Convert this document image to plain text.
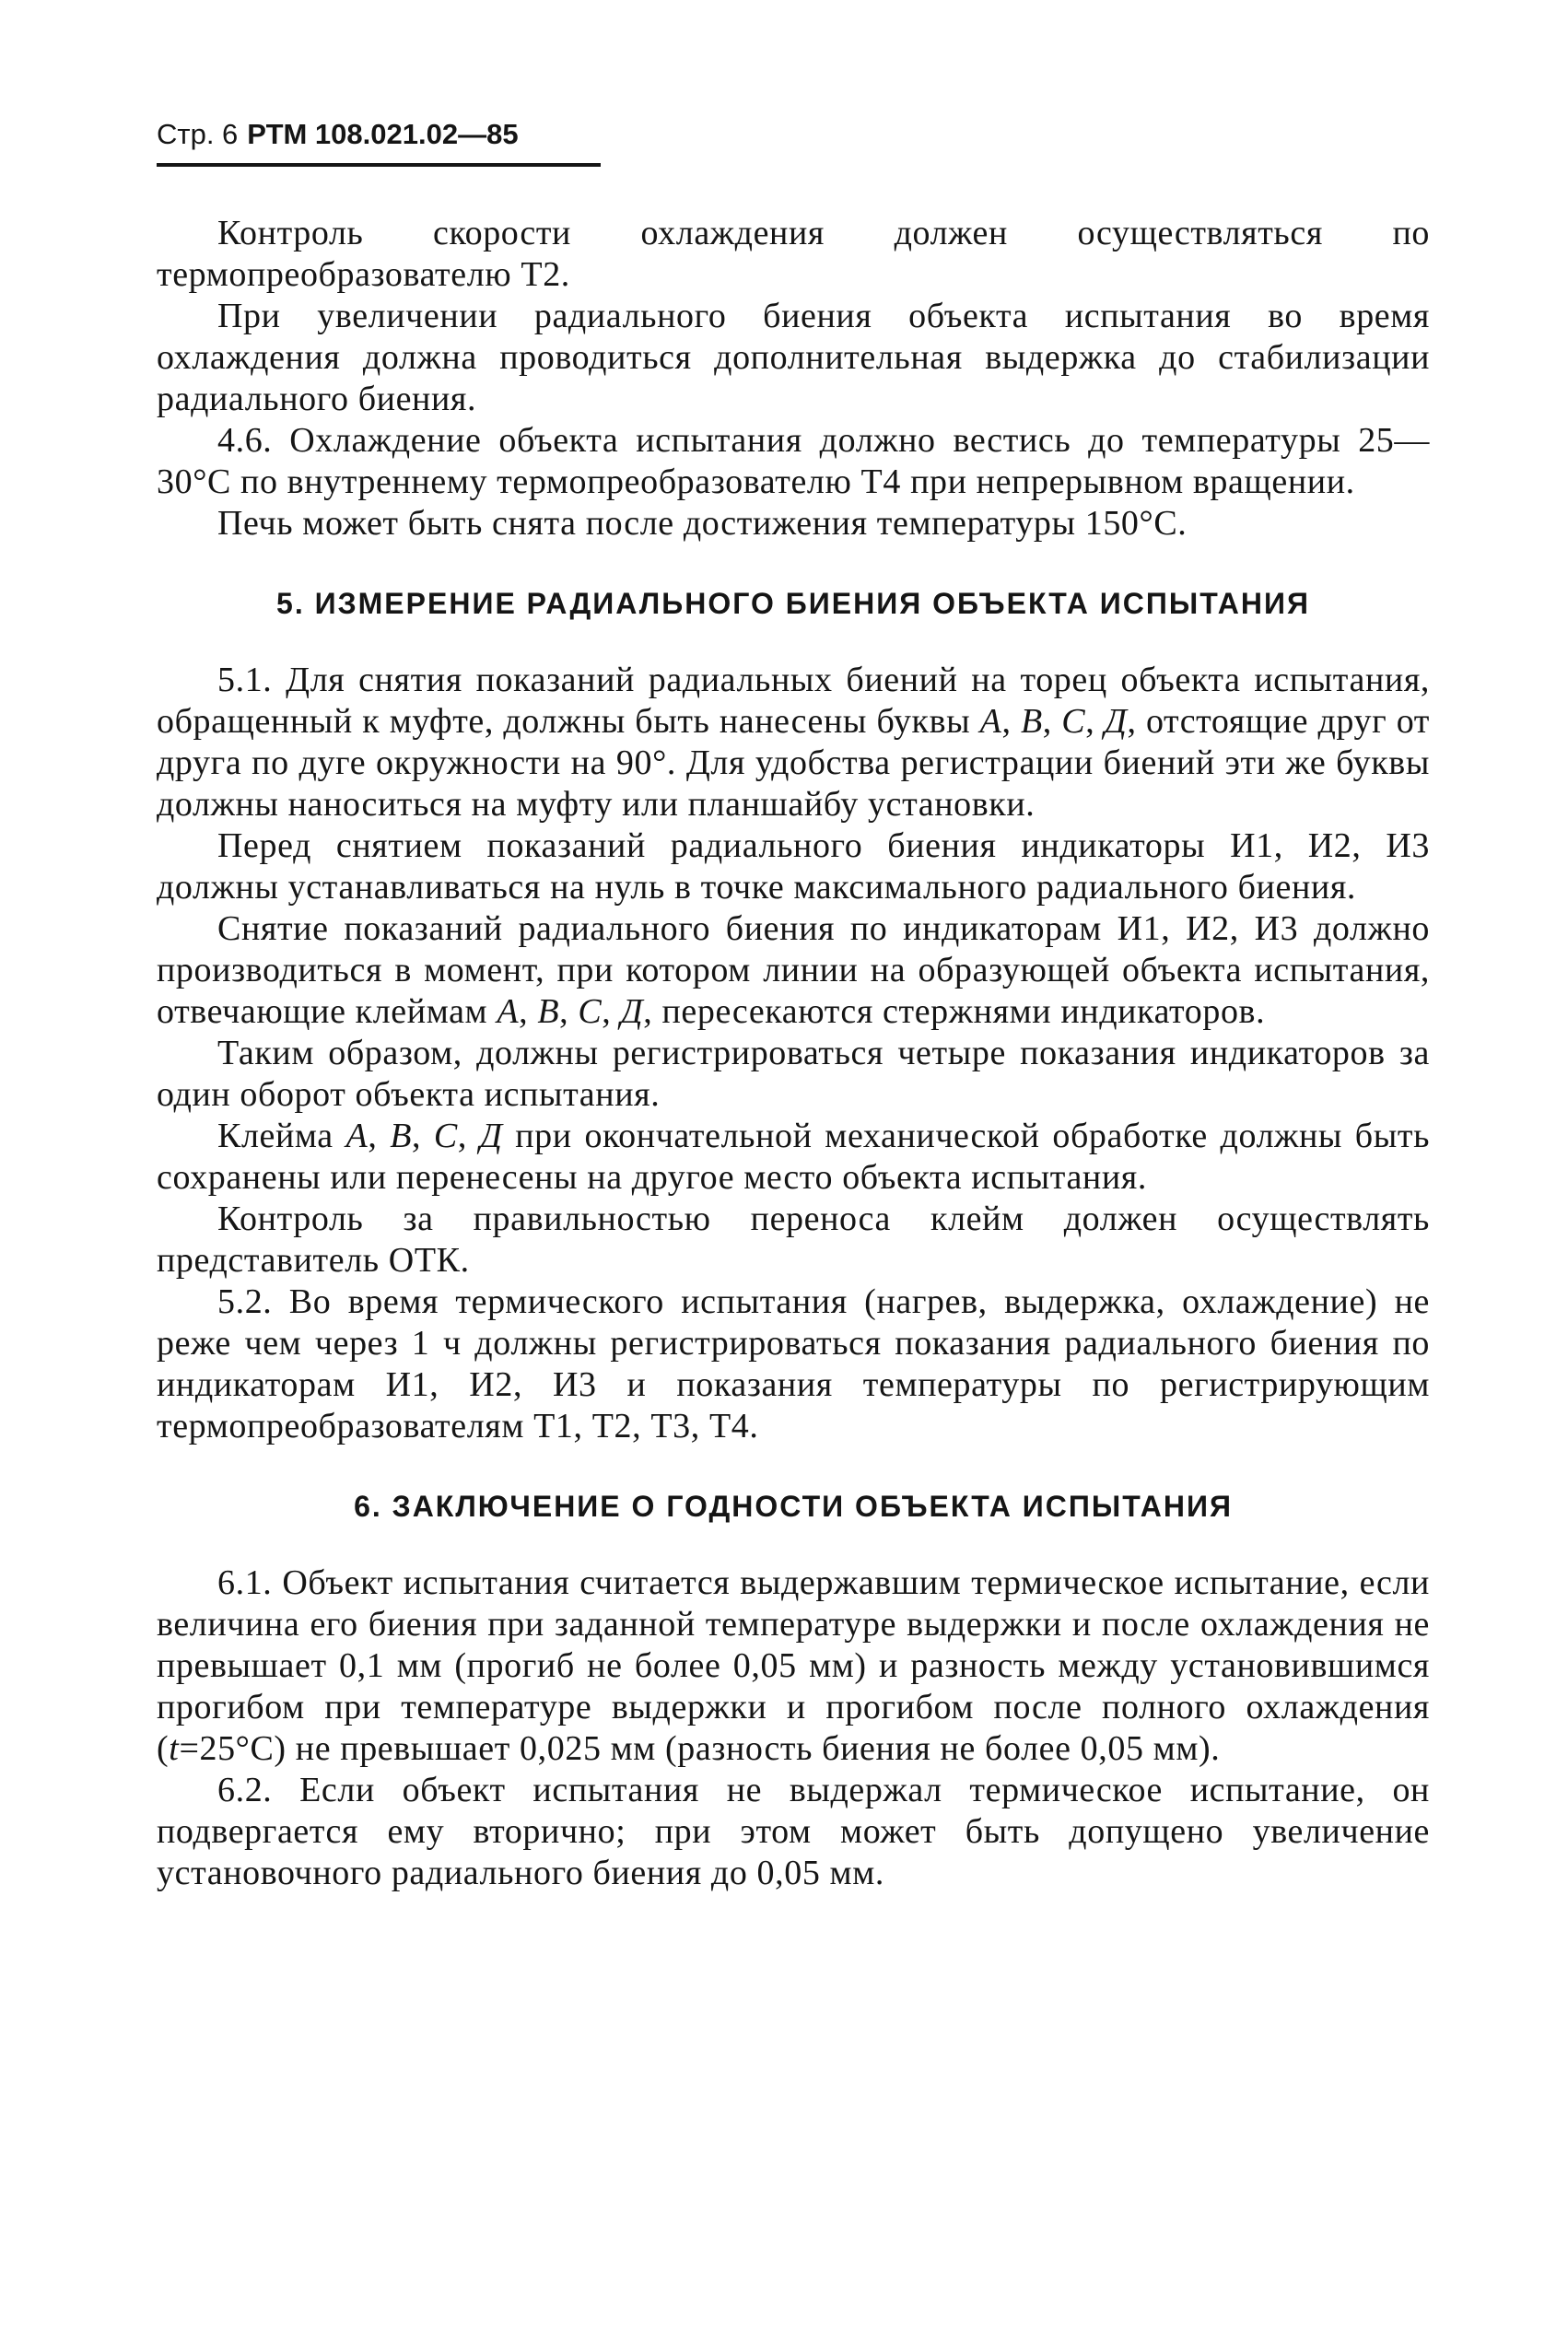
Стр. 6 РТМ 108.021.02—85

Контроль скорости охлаждения должен осуществляться по термопреобразователю Т2.

При увеличении радиального биения объекта испытания во время охлаждения должна проводиться дополнительная выдержка до стабилизации радиального биения.

4.6. Охлаждение объекта испытания должно вестись до температуры 25—30°С по внутреннему термопреобразователю Т4 при непрерывном вращении.

Печь может быть снята после достижения температуры 150°С.

5. ИЗМЕРЕНИЕ РАДИАЛЬНОГО БИЕНИЯ ОБЪЕКТА ИСПЫТАНИЯ

5.1. Для снятия показаний радиальных биений на торец объекта испытания, обращенный к муфте, должны быть нанесены буквы А, В, С, Д, отстоящие друг от друга по дуге окружности на 90°. Для удобства регистрации биений эти же буквы должны наноситься на муфту или планшайбу установки.

Перед снятием показаний радиального биения индикаторы И1, И2, И3 должны устанавливаться на нуль в точке максимального радиального биения.

Снятие показаний радиального биения по индикаторам И1, И2, И3 должно производиться в момент, при котором линии на образующей объекта испытания, отвечающие клеймам А, В, С, Д, пересекаются стержнями индикаторов.

Таким образом, должны регистрироваться четыре показания индикаторов за один оборот объекта испытания.

Клейма А, В, С, Д при окончательной механической обработке должны быть сохранены или перенесены на другое место объекта испытания.

Контроль за правильностью переноса клейм должен осуществлять представитель ОТК.

5.2. Во время термического испытания (нагрев, выдержка, охлаждение) не реже чем через 1 ч должны регистрироваться показания радиального биения по индикаторам И1, И2, И3 и показания температуры по регистрирующим термопреобразователям Т1, Т2, Т3, Т4.

6. ЗАКЛЮЧЕНИЕ О ГОДНОСТИ ОБЪЕКТА ИСПЫТАНИЯ

6.1. Объект испытания считается выдержавшим термическое испытание, если величина его биения при заданной температуре выдержки и после охлаждения не превышает 0,1 мм (прогиб не более 0,05 мм) и разность между установившимся прогибом при температуре выдержки и прогибом после полного охлаждения (t=25°С) не превышает 0,025 мм (разность биения не более 0,05 мм).

6.2. Если объект испытания не выдержал термическое испытание, он подвергается ему вторично; при этом может быть допущено увеличение установочного радиального биения до 0,05 мм.
